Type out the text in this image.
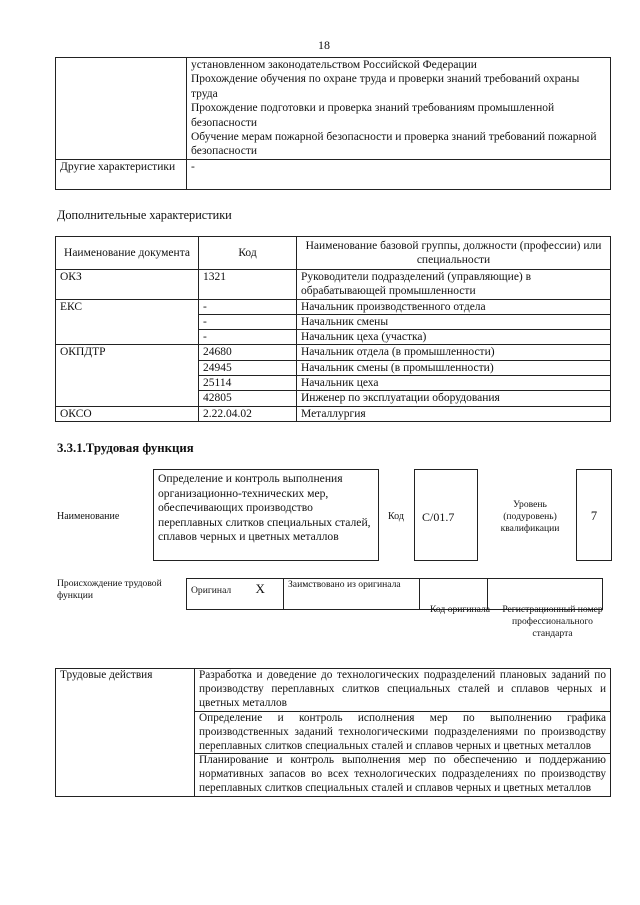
18

	установленном законодательством Российской Федерации
Прохождение обучения по охране труда и проверки знаний требований охраны труда
Прохождение подготовки и проверка знаний требованиям промышленной безопасности
Обучение мерам пожарной безопасности и проверка знаний требований пожарной безопасности

Другие характеристики	-
Дополнительные характеристики
Наименование документа	Код	Наименование базовой группы, должности (профессии) или специальности
ОКЗ	1321	Руководители подразделений (управляющие) в обрабатывающей промышленности
ЕКС	-	Начальник производственного отдела
	-	Начальник смены
	-	Начальник цеха (участка)
ОКПДТР	24680	Начальник отдела (в промышленности)
	24945	Начальник смены (в промышленности)
	25114	Начальник цеха
	42805	Инженер по эксплуатации оборудования
ОКСО	2.22.04.02	Металлургия
3.3.1.Трудовая функция
Наименование
Определение и контроль выполнения организационно-технических мер, обеспечивающих производство переплавных слитков специальных сталей, сплавов черных и цветных металлов
Код	С/01.7
Уровень (подуровень) квалификации
7
Происхождение трудовой функции	Оригинал	X	Заимствовано из оригинала		
Код оригинала	Регистрационный номер профессионального стандарта
Трудовые действия	Разработка и доведение до технологических подразделений плановых заданий по производству переплавных слитков специальных сталей и сплавов черных и цветных металлов
Определение и контроль исполнения мер по выполнению графика производственных заданий технологическими подразделениями по производству переплавных слитков специальных сталей и сплавов черных и цветных металлов
Планирование и контроль выполнения мер по обеспечению и поддержанию нормативных запасов во всех технологических подразделениях по производству переплавных слитков специальных сталей и сплавов черных и цветных металлов
